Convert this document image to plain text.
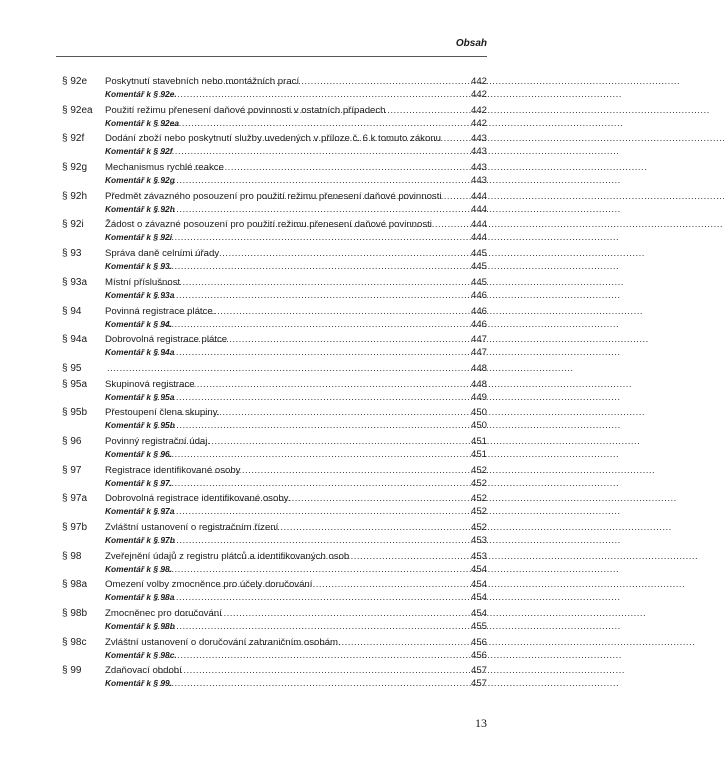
Obsah
§ 92e	Poskytnutí stavebních nebo montážních prací . . .	442
Komentář k § 92e. . . .	442
§ 92ea	Použití režimu přenesení daňové povinnosti v ostatních případech . . .	442
Komentář k § 92ea . . .	442
§ 92f	Dodání zboží nebo poskytnutí služby uvedených v příloze č. 6 k tomuto zákonu . . .	443
Komentář k § 92f . . .	443
§ 92g	Mechanismus rychlé reakce . . .	443
Komentář k § 92g . . .	443
§ 92h	Předmět závazného posouzení pro použití režimu přenesení daňové povinnosti . . .	444
Komentář k § 92h . . .	444
§ 92i	Žádost o závazné posouzení pro použití režimu přenesení daňové povinnosti . . .	444
Komentář k § 92i . . .	444
§ 93	Správa daně celními úřady . . .	445
Komentář k § 93. . . .	445
§ 93a	Místní příslušnost . . .	445
Komentář k § 93a . . .	446
§ 94	Povinná registrace plátce. . . .	446
Komentář k § 94. . . .	446
§ 94a	Dobrovolná registrace plátce . . .	447
Komentář k § 94a . . .	447
§ 95 . . .	448
§ 95a	Skupinová registrace . . .	448
Komentář k § 95a . . .	449
§ 95b	Přestoupení člena skupiny. . . .	450
Komentář k § 95b . . .	450
§ 96	Povinný registrační údaj. . . .	451
Komentář k § 96. . . .	451
§ 97	Registrace identifikované osoby . . .	452
Komentář k § 97. . . .	452
§ 97a	Dobrovolná registrace identifikované osoby. . . .	452
Komentář k § 97a . . .	452
§ 97b	Zvláštní ustanovení o registračním řízení . . .	452
Komentář k § 97b . . .	453
§ 98	Zveřejnění údajů z registru plátců a identifikovaných osob . . .	453
Komentář k § 98. . . .	454
§ 98a	Omezení volby zmocněnce pro účely doručování . . .	454
Komentář k § 98a . . .	454
§ 98b	Zmocněnec pro doručování . . .	454
Komentář k § 98b . . .	455
§ 98c	Zvláštní ustanovení o doručování zahraničním osobám. . . .	456
Komentář k § 98c. . . .	456
§ 99	Zdaňovací období . . .	457
Komentář k § 99. . . .	457
13
